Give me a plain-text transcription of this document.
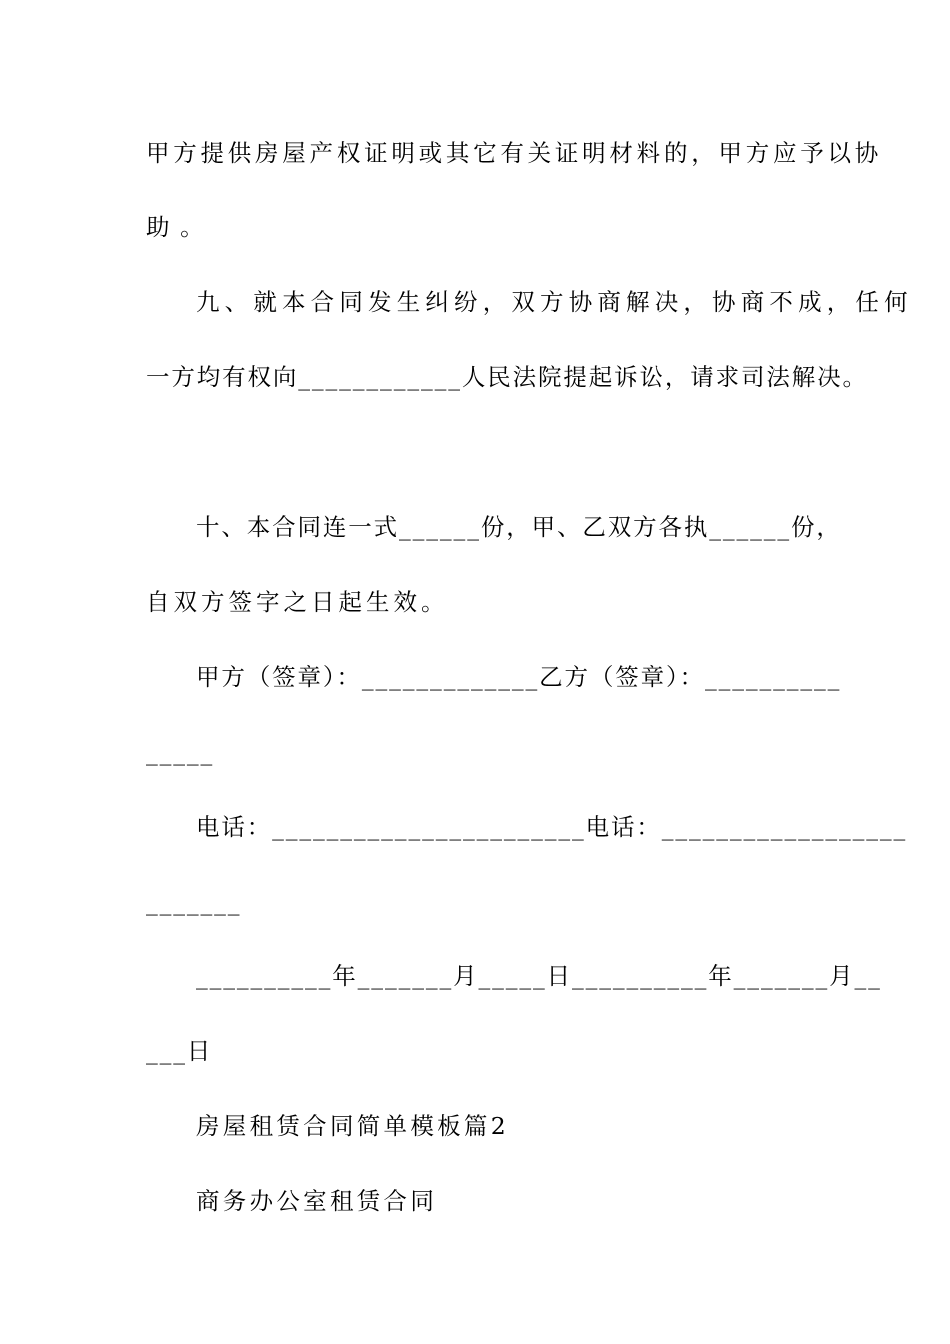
甲方提供房屋产权证明或其它有关证明材料的，甲方应予以协
助。
九、就本合同发生纠纷，双方协商解决，协商不成，任何
一方均有权向____________人民法院提起诉讼，请求司法解决。
十、本合同连一式______份，甲、乙双方各执______份，
自双方签字之日起生效。
甲方（签章）：_____________乙方（签章）：__________
_____
电话：_______________________电话：__________________
_______
__________年_______月_____日__________年_______月__
___日
房屋租赁合同简单模板篇2
商务办公室租赁合同
